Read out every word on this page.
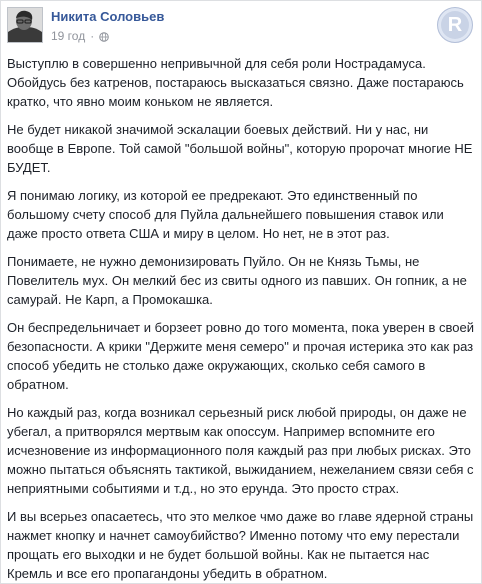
Никита Соловьев
19 год ·
R

Выступлю в совершенно непривычной для себя роли Нострадамуса. Обойдусь без катренов, постараюсь высказаться связно. Даже постараюсь кратко, что явно моим коньком не является.

Не будет никакой значимой эскалации боевых действий. Ни у нас, ни вообще в Европе. Той самой "большой войны", которую пророчат многие НЕ БУДЕТ.

Я понимаю логику, из которой ее предрекают. Это единственный по большому счету способ для Пуйла дальнейшего повышения ставок или даже просто ответа США и миру в целом. Но нет, не в этот раз.

Понимаете, не нужно демонизировать Пуйло. Он не Князь Тьмы, не Повелитель мух. Он мелкий бес из свиты одного из павших. Он гопник, а не самурай. Не Карп, а Промокашка.

Он беспредельничает и борзеет ровно до того момента, пока уверен в своей безопасности. А крики "Держите меня семеро" и прочая истерика это как раз способ убедить не столько даже окружающих, сколько себя самого в обратном.

Но каждый раз, когда возникал серьезный риск любой природы, он даже не убегал, а притворялся мертвым как опоссум. Например вспомните его исчезновение из информационного поля каждый раз при любых рисках. Это можно пытаться объяснять тактикой, выжиданием, нежеланием связи себя с неприятными событиями и т.д., но это ерунда. Это просто страх.

И вы всерьез опасаетесь, что это мелкое чмо даже во главе ядерной страны нажмет кнопку и начнет самоубийство? Именно потому что ему перестали прощать его выходки и не будет большой войны. Как не пытается нас Кремль и все его пропагандоны убедить в обратном.
